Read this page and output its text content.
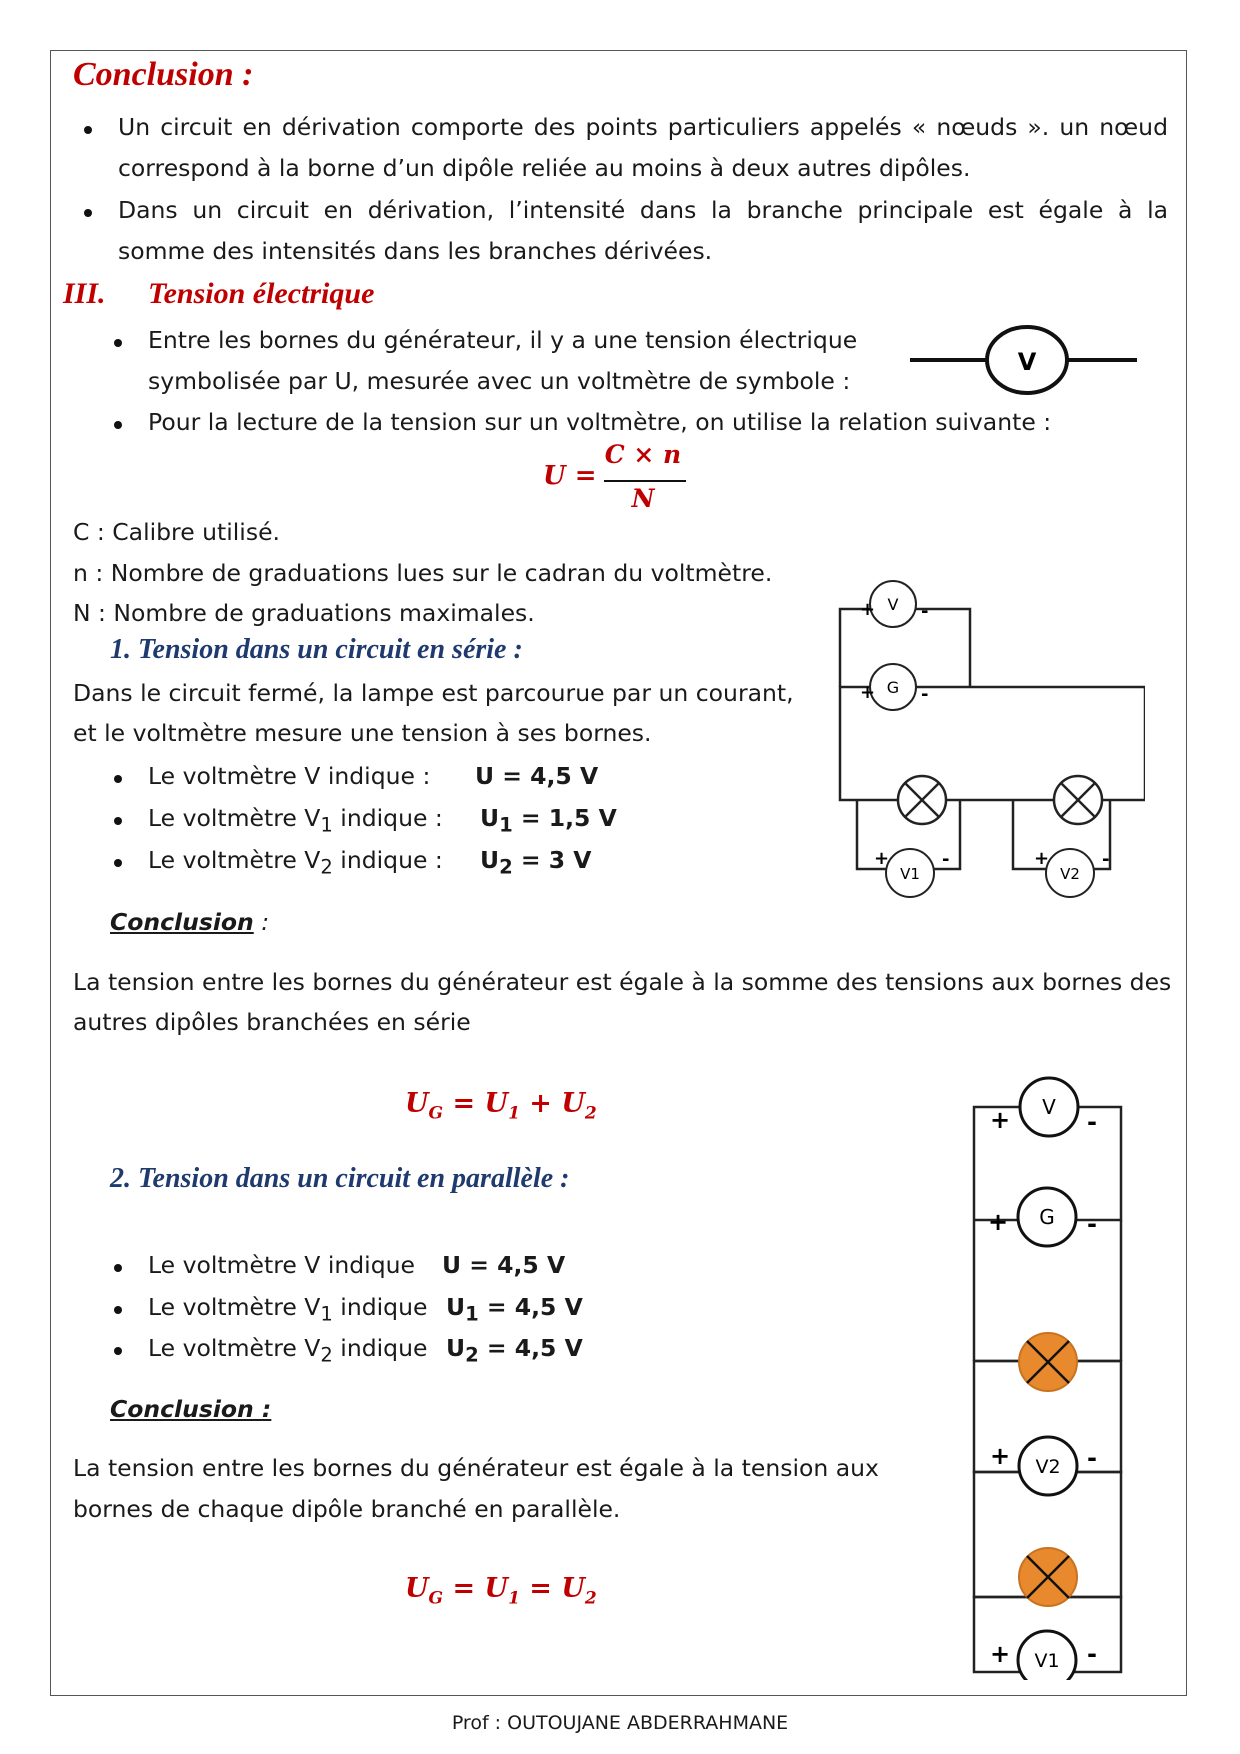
Conclusion :
Un circuit en dérivation comporte des points particuliers appelés « nœuds ». un nœud correspond à la borne d’un dipôle reliée au moins à deux autres dipôles.
Dans un circuit en dérivation, l’intensité dans la branche principale est égale à la somme des intensités dans les branches dérivées.
III. Tension électrique
Entre les bornes du générateur, il y a une tension électrique
symbolisée par U, mesurée avec un voltmètre de symbole :
V
Pour la lecture de la tension sur un voltmètre, on utilise la relation suivante :
U =
C × n
N
C : Calibre utilisé.
n : Nombre de graduations lues sur le cadran du voltmètre.
N : Nombre de graduations maximales.
1. Tension dans un circuit en série :
Dans le circuit fermé, la lampe est parcourue par un courant,
et le voltmètre mesure une tension à ses bornes.
Le voltmètre V indique : U = 4,5 V
Le voltmètre $V_1$ indique : $U_1 = 1,5$ V
Le voltmètre $V_2$ indique : $U_2 = 3$ V
Conclusion :
La tension entre les bornes du générateur est égale à la somme des tensions aux bornes des
autres dipôles branchées en série
$U_G = U_1 + U_2$
V
+	-
G
+	-
V1
+	-
V2
+	-
2. Tension dans un circuit en parallèle :
Le voltmètre V indique U = 4,5 V
Le voltmètre $V_1$ indique $U_1 = 4,5$ V
Le voltmètre $V_2$ indique $U_2 = 4,5$ V
Conclusion :
La tension entre les bornes du générateur est égale à la tension aux
bornes de chaque dipôle branché en parallèle.
$U_G = U_1 = U_2$
V
+	-
G
+	-
V2
+	-
V1
+	-
Prof : OUTOUJANE ABDERRAHMANE
